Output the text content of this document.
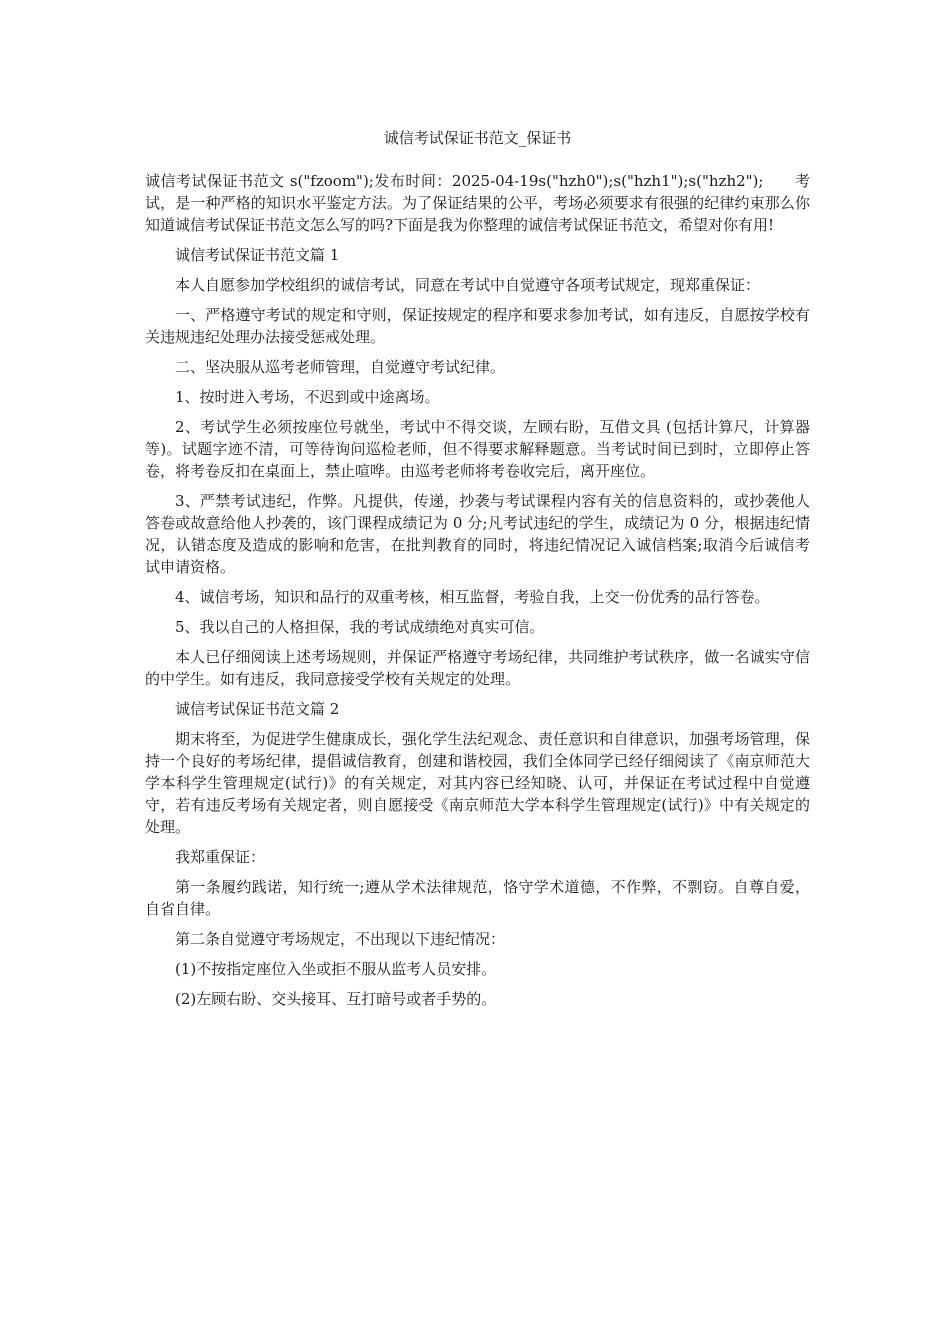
诚信考试保证书范文_保证书

诚信考试保证书范文 s("fzoom");发布时间：2025-04-19s("hzh0");s("hzh1");s("hzh2");　　考试，是一种严格的知识水平鉴定方法。为了保证结果的公平，考场必须要求有很强的纪律约束那么你知道诚信考试保证书范文怎么写的吗?下面是我为你整理的诚信考试保证书范文，希望对你有用!

诚信考试保证书范文篇 1

本人自愿参加学校组织的诚信考试，同意在考试中自觉遵守各项考试规定，现郑重保证：

一、严格遵守考试的规定和守则，保证按规定的程序和要求参加考试，如有违反，自愿按学校有关违规违纪处理办法接受惩戒处理。

二、坚决服从巡考老师管理，自觉遵守考试纪律。

1、按时进入考场，不迟到或中途离场。

2、考试学生必须按座位号就坐，考试中不得交谈，左顾右盼，互借文具 (包括计算尺，计算器等)。试题字迹不清，可等待询问巡检老师，但不得要求解释题意。当考试时间已到时，立即停止答卷，将考卷反扣在桌面上，禁止喧哗。由巡考老师将考卷收完后，离开座位。

3、严禁考试违纪，作弊。凡提供，传递，抄袭与考试课程内容有关的信息资料的，或抄袭他人答卷或故意给他人抄袭的，该门课程成绩记为 0 分;凡考试违纪的学生，成绩记为 0 分，根据违纪情况，认错态度及造成的影响和危害，在批判教育的同时，将违纪情况记入诚信档案;取消今后诚信考试申请资格。

4、诚信考场，知识和品行的双重考核，相互监督，考验自我，上交一份优秀的品行答卷。

5、我以自己的人格担保，我的考试成绩绝对真实可信。

本人已仔细阅读上述考场规则，并保证严格遵守考场纪律，共同维护考试秩序，做一名诚实守信的中学生。如有违反，我同意接受学校有关规定的处理。

诚信考试保证书范文篇 2

期末将至，为促进学生健康成长，强化学生法纪观念、责任意识和自律意识，加强考场管理，保持一个良好的考场纪律，提倡诚信教育，创建和谐校园，我们全体同学已经仔细阅读了《南京师范大学本科学生管理规定(试行)》的有关规定，对其内容已经知晓、认可，并保证在考试过程中自觉遵守，若有违反考场有关规定者，则自愿接受《南京师范大学本科学生管理规定(试行)》中有关规定的处理。

我郑重保证：

第一条履约践诺，知行统一;遵从学术法律规范，恪守学术道德，不作弊，不剽窃。自尊自爱，自省自律。

第二条自觉遵守考场规定，不出现以下违纪情况：

(1)不按指定座位入坐或拒不服从监考人员安排。

(2)左顾右盼、交头接耳、互打暗号或者手势的。
